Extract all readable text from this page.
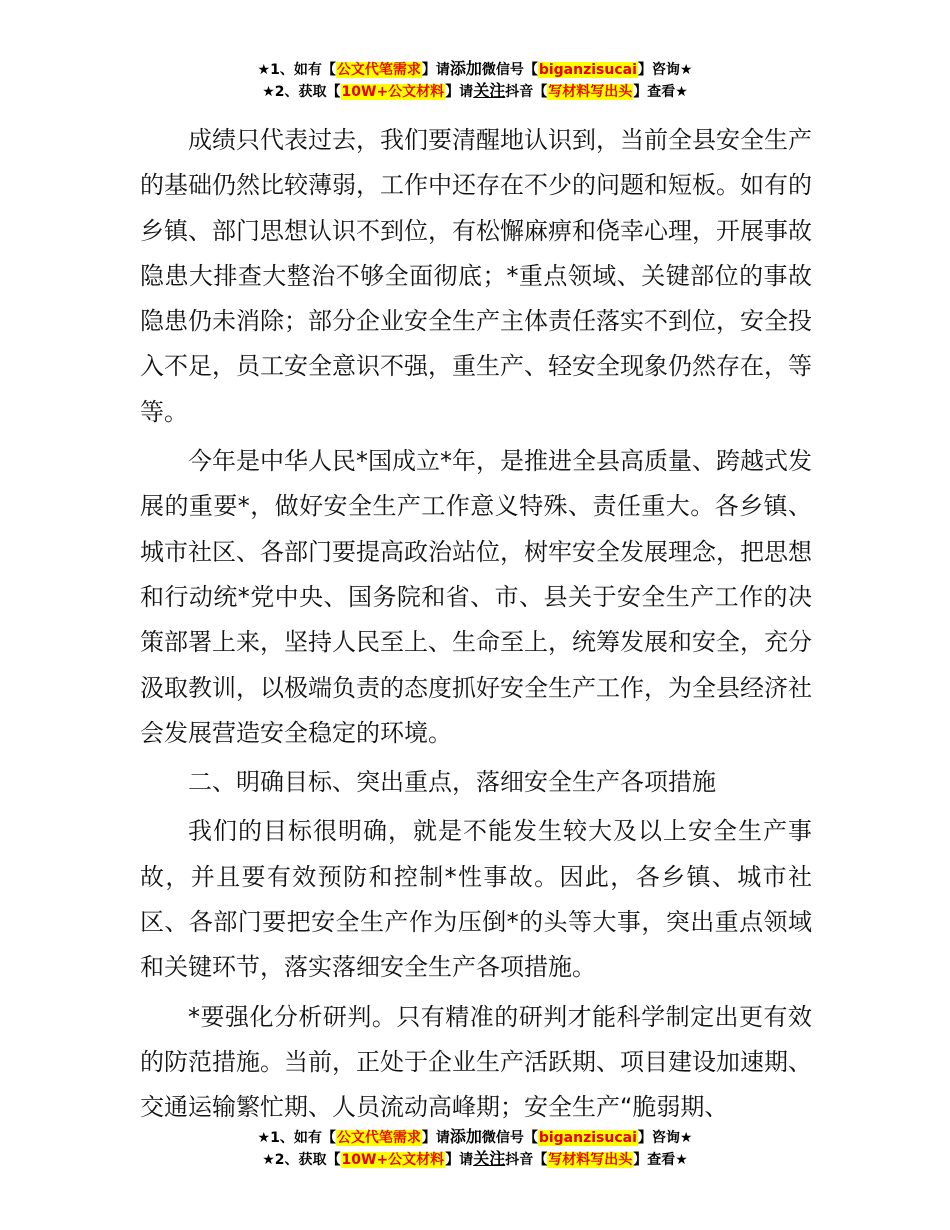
★1、如有【公文代笔需求】请添加微信号【biganzisucai】咨询★
★2、获取【10W+公文材料】请关注抖音【写材料写出头】查看★

成绩只代表过去，我们要清醒地认识到，当前全县安全生产的基础仍然比较薄弱，工作中还存在不少的问题和短板。如有的乡镇、部门思想认识不到位，有松懈麻痹和侥幸心理，开展事故隐患大排查大整治不够全面彻底；*重点领域、关键部位的事故隐患仍未消除；部分企业安全生产主体责任落实不到位，安全投入不足，员工安全意识不强，重生产、轻安全现象仍然存在，等等。

今年是中华人民*国成立*年，是推进全县高质量、跨越式发展的重要*，做好安全生产工作意义特殊、责任重大。各乡镇、城市社区、各部门要提高政治站位，树牢安全发展理念，把思想和行动统*党中央、国务院和省、市、县关于安全生产工作的决策部署上来，坚持人民至上、生命至上，统筹发展和安全，充分汲取教训，以极端负责的态度抓好安全生产工作，为全县经济社会发展营造安全稳定的环境。

二、明确目标、突出重点，落细安全生产各项措施

我们的目标很明确，就是不能发生较大及以上安全生产事故，并且要有效预防和控制*性事故。因此，各乡镇、城市社区、各部门要把安全生产作为压倒*的头等大事，突出重点领域和关键环节，落实落细安全生产各项措施。

*要强化分析研判。只有精准的研判才能科学制定出更有效的防范措施。当前，正处于企业生产活跃期、项目建设加速期、交通运输繁忙期、人员流动高峰期；安全生产“脆弱期、

★1、如有【公文代笔需求】请添加微信号【biganzisucai】咨询★
★2、获取【10W+公文材料】请关注抖音【写材料写出头】查看★
